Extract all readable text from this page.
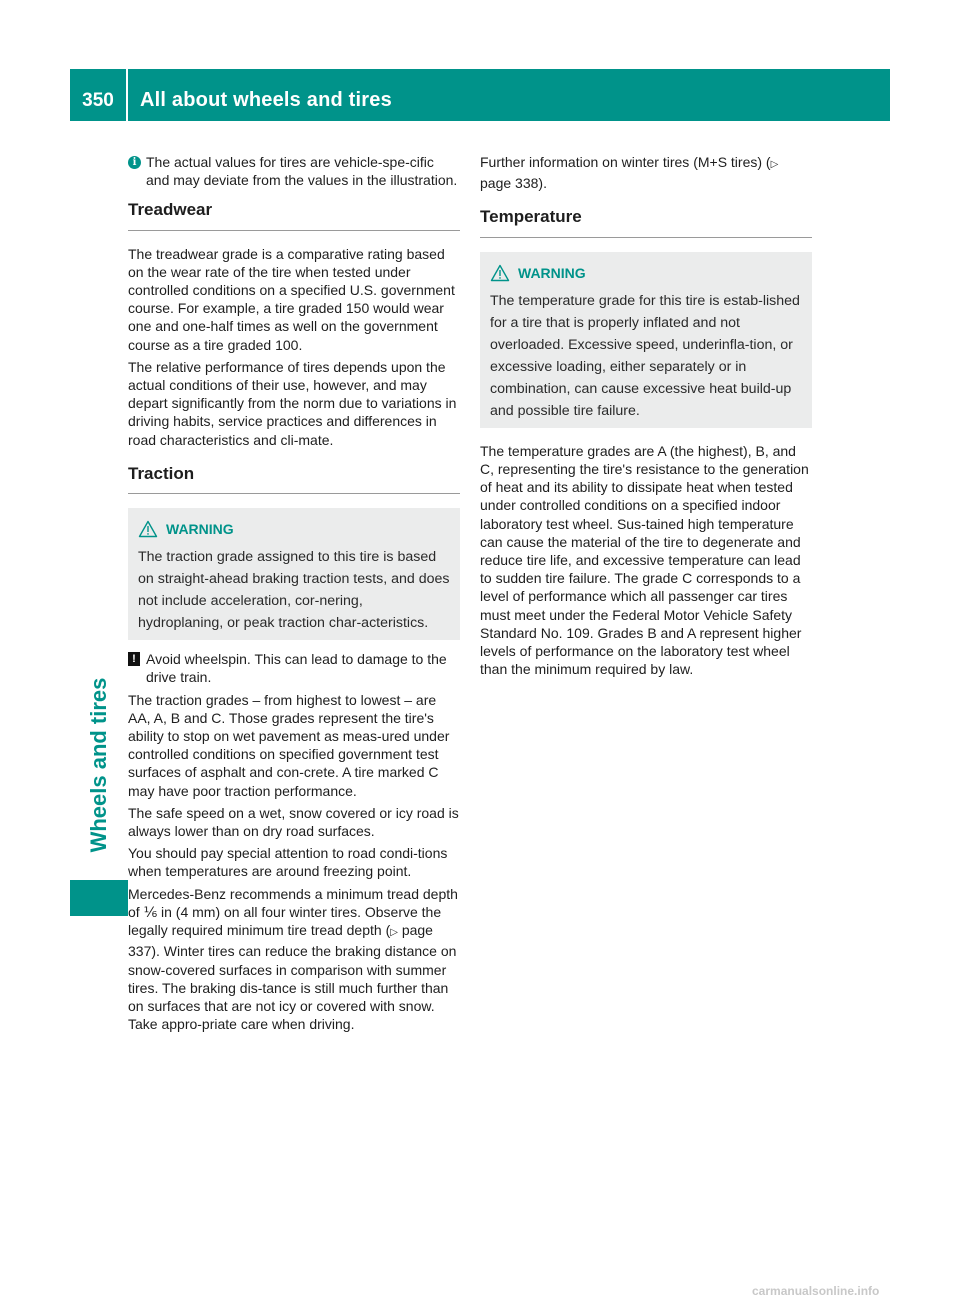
350	All about wheels and tires
Wheels and tires
i The actual values for tires are vehicle-spe-cific and may deviate from the values in the illustration.
Treadwear

The treadwear grade is a comparative rating based on the wear rate of the tire when tested under controlled conditions on a specified U.S. government course. For example, a tire graded 150 would wear one and one-half times as well on the government course as a tire graded 100.

The relative performance of tires depends upon the actual conditions of their use, however, and may depart significantly from the norm due to variations in driving habits, service practices and differences in road characteristics and cli-mate.

Traction
WARNING
The traction grade assigned to this tire is based on straight-ahead braking traction tests, and does not include acceleration, cor-nering, hydroplaning, or peak traction char-acteristics.
! Avoid wheelspin. This can lead to damage to the drive train.

The traction grades – from highest to lowest – are AA, A, B and C. Those grades represent the tire's ability to stop on wet pavement as meas-ured under controlled conditions on specified government test surfaces of asphalt and con-crete. A tire marked C may have poor traction performance.

The safe speed on a wet, snow covered or icy road is always lower than on dry road surfaces.

You should pay special attention to road condi-tions when temperatures are around freezing point.

Mercedes-Benz recommends a minimum tread depth of ⅙ in (4 mm) on all four winter tires. Observe the legally required minimum tire tread depth (▷ page 337). Winter tires can reduce the braking distance on snow-covered surfaces in comparison with summer tires. The braking dis-tance is still much further than on surfaces that are not icy or covered with snow. Take appro-priate care when driving.

Further information on winter tires (M+S tires) (▷ page 338).

Temperature
WARNING
The temperature grade for this tire is estab-lished for a tire that is properly inflated and not overloaded. Excessive speed, underinfla-tion, or excessive loading, either separately or in combination, can cause excessive heat build-up and possible tire failure.

The temperature grades are A (the highest), B, and C, representing the tire's resistance to the generation of heat and its ability to dissipate heat when tested under controlled conditions on a specified indoor laboratory test wheel. Sus-tained high temperature can cause the material of the tire to degenerate and reduce tire life, and excessive temperature can lead to sudden tire failure. The grade C corresponds to a level of performance which all passenger car tires must meet under the Federal Motor Vehicle Safety Standard No. 109. Grades B and A represent higher levels of performance on the laboratory test wheel than the minimum required by law.

carmanualsonline.info
